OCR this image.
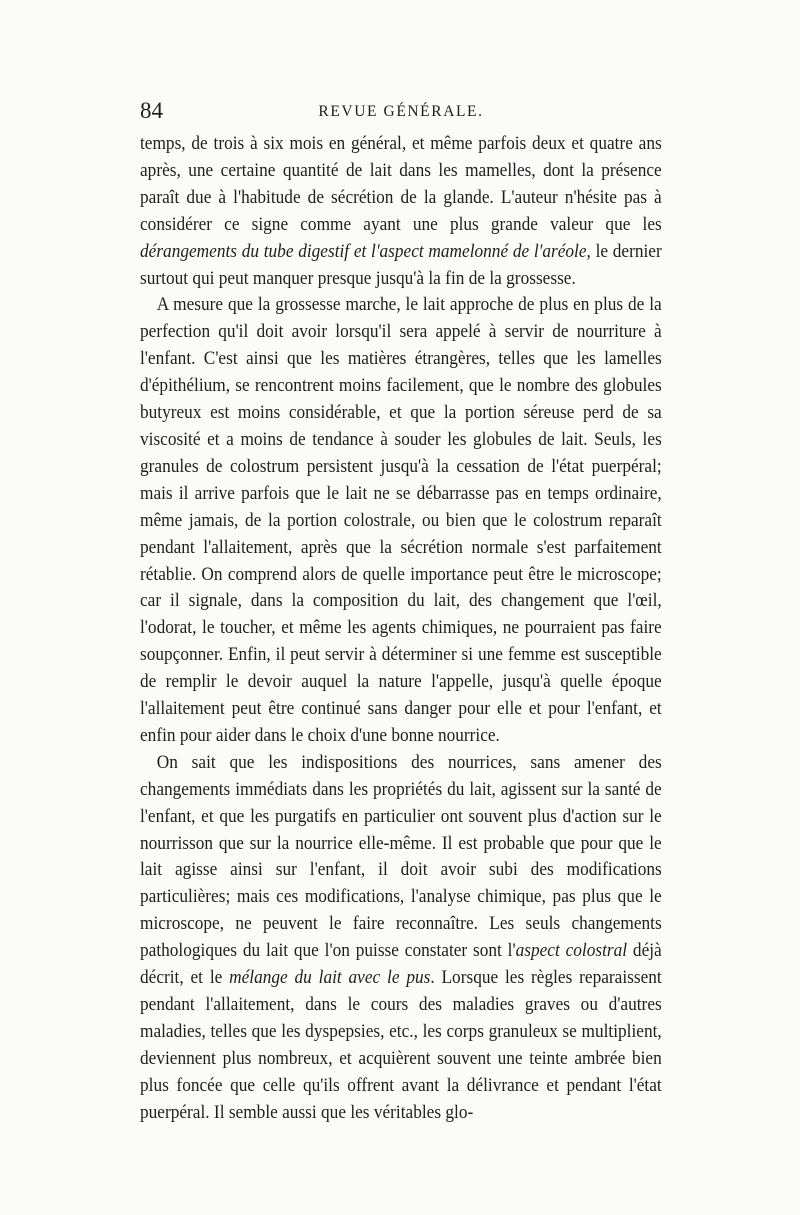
84	REVUE GÉNÉRALE.

temps, de trois à six mois en général, et même parfois deux et quatre ans après, une certaine quantité de lait dans les mamelles, dont la présence paraît due à l'habitude de sécrétion de la glande. L'auteur n'hésite pas à considérer ce signe comme ayant une plus grande valeur que les dérangements du tube digestif et l'aspect mamelonné de l'aréole, le dernier surtout qui peut manquer presque jusqu'à la fin de la grossesse.

A mesure que la grossesse marche, le lait approche de plus en plus de la perfection qu'il doit avoir lorsqu'il sera appelé à servir de nourriture à l'enfant. C'est ainsi que les matières étrangères, telles que les lamelles d'épithélium, se rencontrent moins facilement, que le nombre des globules butyreux est moins considérable, et que la portion séreuse perd de sa viscosité et a moins de tendance à souder les globules de lait. Seuls, les granules de colostrum persistent jusqu'à la cessation de l'état puerpéral; mais il arrive parfois que le lait ne se débarrasse pas en temps ordinaire, même jamais, de la portion colostrale, ou bien que le colostrum reparaît pendant l'allaitement, après que la sécrétion normale s'est parfaitement rétablie. On comprend alors de quelle importance peut être le microscope; car il signale, dans la composition du lait, des changement que l'œil, l'odorat, le toucher, et même les agents chimiques, ne pourraient pas faire soupçonner. Enfin, il peut servir à déterminer si une femme est susceptible de remplir le devoir auquel la nature l'appelle, jusqu'à quelle époque l'allaitement peut être continué sans danger pour elle et pour l'enfant, et enfin pour aider dans le choix d'une bonne nourrice.

On sait que les indispositions des nourrices, sans amener des changements immédiats dans les propriétés du lait, agissent sur la santé de l'enfant, et que les purgatifs en particulier ont souvent plus d'action sur le nourrisson que sur la nourrice elle-même. Il est probable que pour que le lait agisse ainsi sur l'enfant, il doit avoir subi des modifications particulières; mais ces modifications, l'analyse chimique, pas plus que le microscope, ne peuvent le faire reconnaître. Les seuls changements pathologiques du lait que l'on puisse constater sont l'aspect colostral déjà décrit, et le mélange du lait avec le pus. Lorsque les règles reparaissent pendant l'allaitement, dans le cours des maladies graves ou d'autres maladies, telles que les dyspepsies, etc., les corps granuleux se multiplient, deviennent plus nombreux, et acquièrent souvent une teinte ambrée bien plus foncée que celle qu'ils offrent avant la délivrance et pendant l'état puerpéral. Il semble aussi que les véritables glo-
